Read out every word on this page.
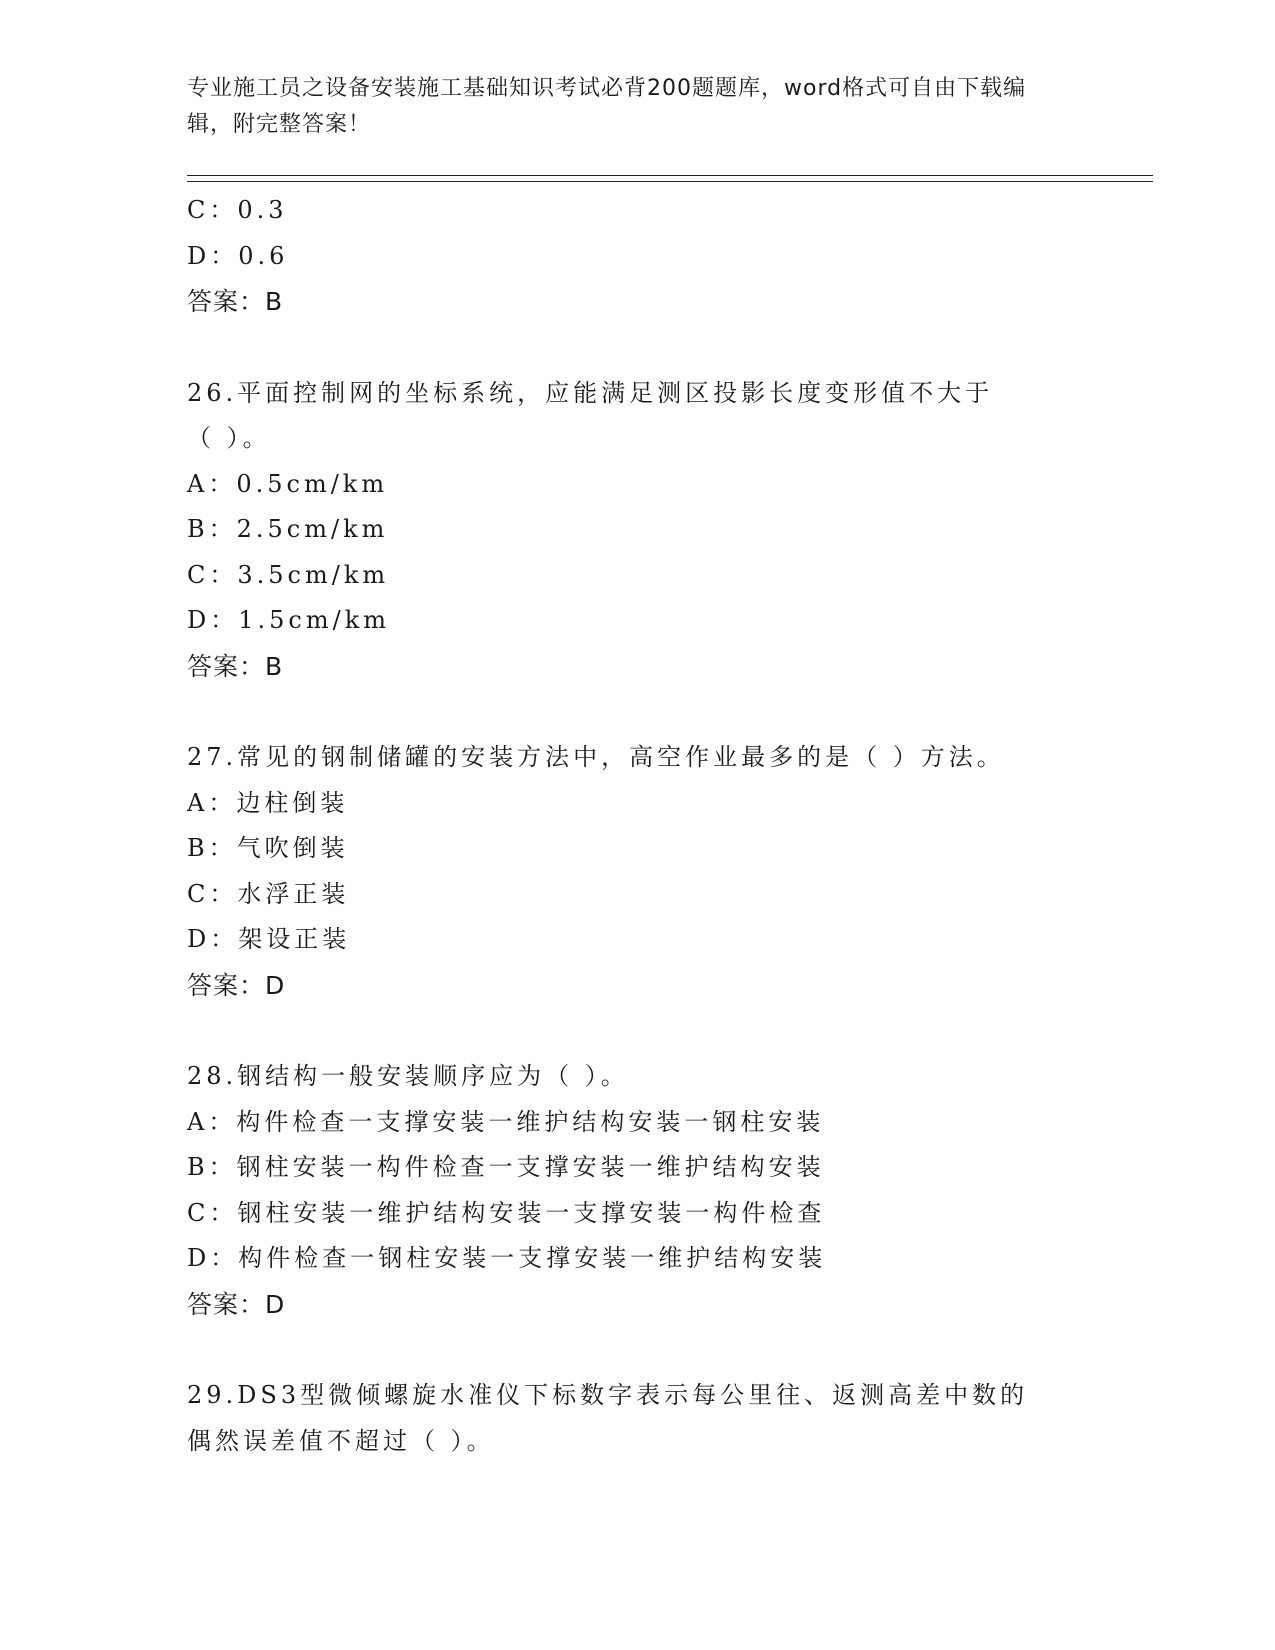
专业施工员之设备安装施工基础知识考试必背200题题库，word格式可自由下载编辑，附完整答案！
C：0.3
D：0.6
答案：B
26.平面控制网的坐标系统，应能满足测区投影长度变形值不大于（ ）。
A：0.5cm/km
B：2.5cm/km
C：3.5cm/km
D：1.5cm/km
答案：B
27.常见的钢制储罐的安装方法中，高空作业最多的是（ ）方法。
A：边柱倒装
B：气吹倒装
C：水浮正装
D：架设正装
答案：D
28.钢结构一般安装顺序应为（ ）。
A：构件检查一支撑安装一维护结构安装一钢柱安装
B：钢柱安装一构件检查一支撑安装一维护结构安装
C：钢柱安装一维护结构安装一支撑安装一构件检查
D：构件检查一钢柱安装一支撑安装一维护结构安装
答案：D
29.DS3型微倾螺旋水准仪下标数字表示每公里往、返测高差中数的偶然误差值不超过（ ）。
